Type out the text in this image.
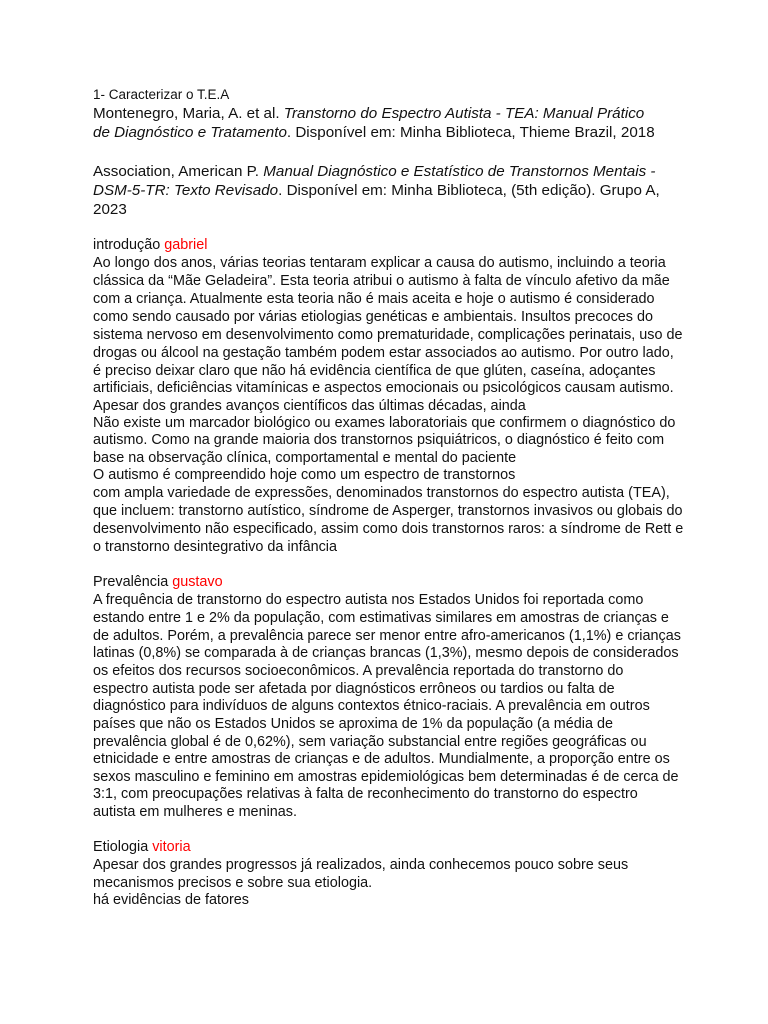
1- Caracterizar o T.E.A
Montenegro, Maria, A. et al. Transtorno do Espectro Autista - TEA: Manual Prático
de Diagnóstico e Tratamento. Disponível em: Minha Biblioteca, Thieme Brazil, 2018
Association, American P. Manual Diagnóstico e Estatístico de Transtornos Mentais -
DSM-5-TR: Texto Revisado. Disponível em: Minha Biblioteca, (5th edição). Grupo A,
2023
introdução gabriel
Ao longo dos anos, várias teorias tentaram explicar a causa do autismo, incluindo a teoria
clássica da “Mãe Geladeira”. Esta teoria atribui o autismo à falta de vínculo afetivo da mãe
com a criança. Atualmente esta teoria não é mais aceita e hoje o autismo é considerado
como sendo causado por várias etiologias genéticas e ambientais. Insultos precoces do
sistema nervoso em desenvolvimento como prematuridade, complicações perinatais, uso de
drogas ou álcool na gestação também podem estar associados ao autismo. Por outro lado,
é preciso deixar claro que não há evidência científica de que glúten, caseína, adoçantes
artificiais, deficiências vitamínicas e aspectos emocionais ou psicológicos causam autismo.
Apesar dos grandes avanços científicos das últimas décadas, ainda
Não existe um marcador biológico ou exames laboratoriais que confirmem o diagnóstico do
autismo. Como na grande maioria dos transtornos psiquiátricos, o diagnóstico é feito com
base na observação clínica, comportamental e mental do paciente
O autismo é compreendido hoje como um espectro de transtornos
com ampla variedade de expressões, denominados transtornos do espectro autista (TEA),
que incluem: transtorno autístico, síndrome de Asperger, transtornos invasivos ou globais do
desenvolvimento não especificado, assim como dois transtornos raros: a síndrome de Rett e
o transtorno desintegrativo da infância
Prevalência gustavo
A frequência de transtorno do espectro autista nos Estados Unidos foi reportada como
estando entre 1 e 2% da população, com estimativas similares em amostras de crianças e
de adultos. Porém, a prevalência parece ser menor entre afro-americanos (1,1%) e crianças
latinas (0,8%) se comparada à de crianças brancas (1,3%), mesmo depois de considerados
os efeitos dos recursos socioeconômicos. A prevalência reportada do transtorno do
espectro autista pode ser afetada por diagnósticos errôneos ou tardios ou falta de
diagnóstico para indivíduos de alguns contextos étnico-raciais. A prevalência em outros
países que não os Estados Unidos se aproxima de 1% da população (a média de
prevalência global é de 0,62%), sem variação substancial entre regiões geográficas ou
etnicidade e entre amostras de crianças e de adultos. Mundialmente, a proporção entre os
sexos masculino e feminino em amostras epidemiológicas bem determinadas é de cerca de
3:1, com preocupações relativas à falta de reconhecimento do transtorno do espectro
autista em mulheres e meninas.
Etiologia vitoria
Apesar dos grandes progressos já realizados, ainda conhecemos pouco sobre seus
mecanismos precisos e sobre sua etiologia.
há evidências de fatores
